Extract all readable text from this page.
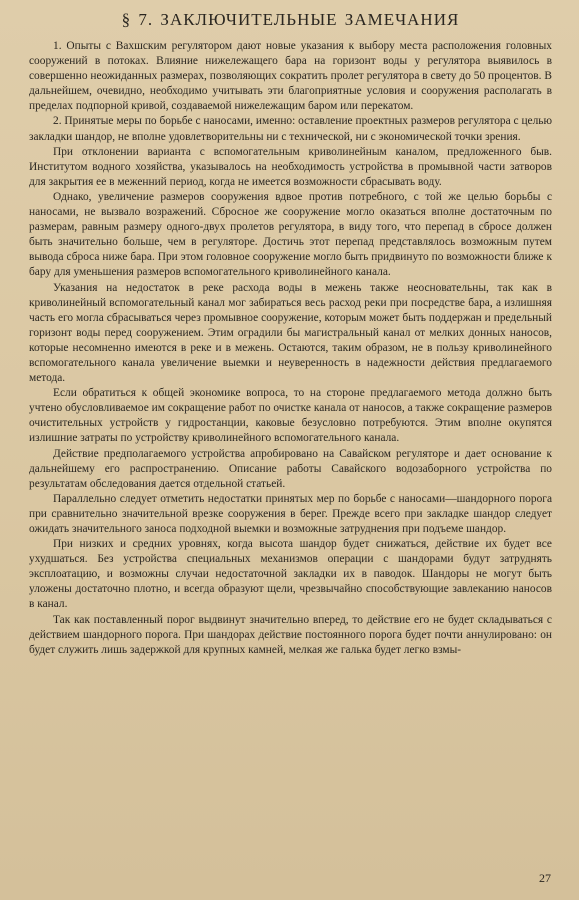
§ 7. ЗАКЛЮЧИТЕЛЬНЫЕ ЗАМЕЧАНИЯ

1. Опыты с Вахшским регулятором дают новые указания к выбору места расположения головных сооружений в потоках. Влияние нижележащего бара на горизонт воды у регулятора выявилось в совершенно неожиданных размерах, позволяющих сократить пролет регулятора в свету до 50 процентов. В дальнейшем, очевидно, необходимо учитывать эти благоприятные условия и сооружения располагать в пределах подпорной кривой, создаваемой нижележащим баром или перекатом.

2. Принятые меры по борьбе с наносами, именно: оставление проектных размеров регулятора с целью закладки шандор, не вполне удовлетворительны ни с технической, ни с экономической точки зрения.

При отклонении варианта с вспомогательным криволинейным каналом, предложенного быв. Институтом водного хозяйства, указывалось на необходимость устройства в промывной части затворов для закрытия ее в меженний период, когда не имеется возможности сбрасывать воду.

Однако, увеличение размеров сооружения вдвое против потребного, с той же целью борьбы с наносами, не вызвало возражений. Сбросное же сооружение могло оказаться вполне достаточным по размерам, равным размеру одного-двух пролетов регулятора, в виду того, что перепад в сбросе должен быть значительно больше, чем в регуляторе. Достичь этот перепад представлялось возможным путем вывода сброса ниже бара. При этом головное сооружение могло быть придвинуто по возможности ближе к бару для уменьшения размеров вспомогательного криволинейного канала.

Указания на недостаток в реке расхода воды в межень также неосновательны, так как в криволинейный вспомогательный канал мог забираться весь расход реки при посредстве бара, а излишняя часть его могла сбрасываться через промывное сооружение, которым может быть поддержан и предельный горизонт воды перед сооружением. Этим оградили бы магистральный канал от мелких донных наносов, которые несомненно имеются в реке и в межень. Остаются, таким образом, не в пользу криволинейного вспомогательного канала увеличение выемки и неуверенность в надежности действия предлагаемого метода.

Если обратиться к общей экономике вопроса, то на стороне предлагаемого метода должно быть учтено обусловливаемое им сокращение работ по очистке канала от наносов, а также сокращение размеров очистительных устройств у гидростанции, каковые безусловно потребуются. Этим вполне окупятся излишние затраты по устройству криволинейного вспомогательного канала.

Действие предполагаемого устройства апробировано на Савайском регуляторе и дает основание к дальнейшему его распространению. Описание работы Савайского водозаборного устройства по результатам обследования дается отдельной статьей.

Параллельно следует отметить недостатки принятых мер по борьбе с наносами—шандорного порога при сравнительно значительной врезке сооружения в берег. Прежде всего при закладке шандор следует ожидать значительного заноса подходной выемки и возможные затруднения при подъеме шандор.

При низких и средних уровнях, когда высота шандор будет снижаться, действие их будет все ухудшаться. Без устройства специальных механизмов операции с шандорами будут затруднять эксплоатацию, и возможны случаи недостаточной закладки их в паводок. Шандоры не могут быть уложены достаточно плотно, и всегда образуют щели, чрезвычайно способствующие завлеканию наносов в канал.

Так как поставленный порог выдвинут значительно вперед, то действие его не будет складываться с действием шандорного порога. При шандорах действие постоянного порога будет почти аннулировано: он будет служить лишь задержкой для крупных камней, мелкая же галька будет легко взмы-

27
